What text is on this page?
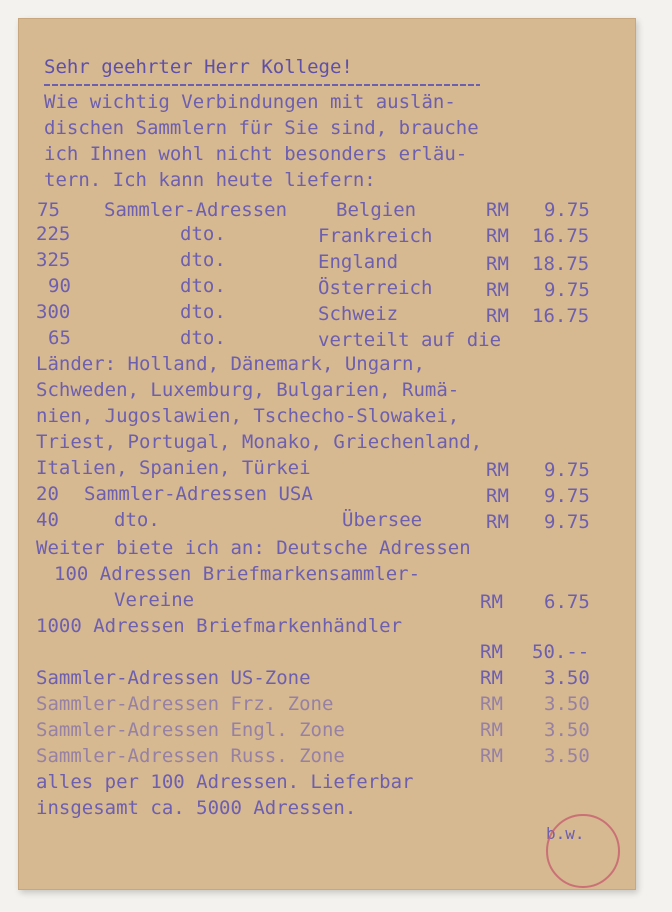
Sehr geehrter Herr Kollege!
Wie wichtig Verbindungen mit auslän-
dischen Sammlern für Sie sind, brauche
ich Ihnen wohl nicht besonders erläu-
tern. Ich kann heute liefern:
75 Sammler-Adressen	Belgien	RM 9.75
225	dto.	Frankreich	RM 16.75
325	dto.	England	RM 18.75
90	dto.	Österreich	RM 9.75
300	dto.	Schweiz	RM 16.75
65	dto.	verteilt auf die
Länder: Holland, Dänemark, Ungarn,
Schweden, Luxemburg, Bulgarien, Rumä-
nien, Jugoslawien, Tschecho-Slowakei,
Triest, Portugal, Monako, Griechenland,
Italien, Spanien, Türkei	RM 9.75
20 Sammler-Adressen USA	RM 9.75
40	dto.	Übersee	RM 9.75
Weiter biete ich an: Deutsche Adressen
100 Adressen Briefmarkensammler-
Vereine	RM 6.75
1000 Adressen Briefmarkenhändler
RM 50.--
Sammler-Adressen US-Zone	RM 3.50
Sammler-Adressen Frz. Zone	RM 3.50
Sammler-Adressen Engl. Zone	RM 3.50
Sammler-Adressen Russ. Zone	RM 3.50
alles per 100 Adressen. Lieferbar
insgesamt ca. 5000 Adressen.
b.w.
